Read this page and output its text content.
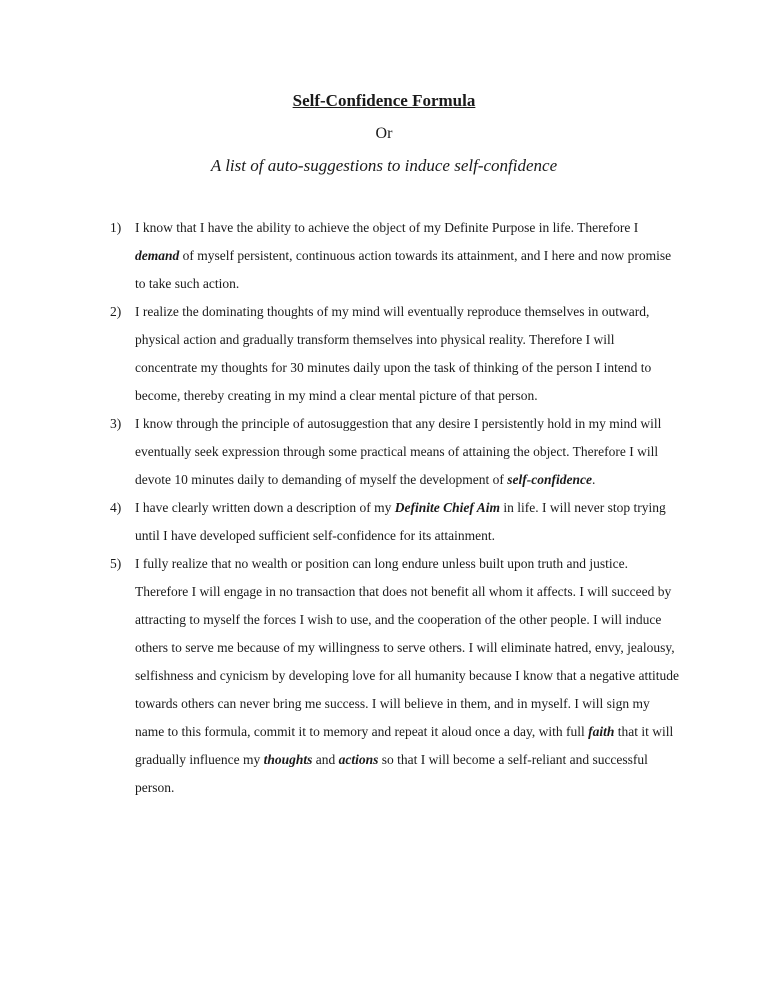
Self-Confidence Formula
Or
A list of auto-suggestions to induce self-confidence
1) I know that I have the ability to achieve the object of my Definite Purpose in life. Therefore I demand of myself persistent, continuous action towards its attainment, and I here and now promise to take such action.
2) I realize the dominating thoughts of my mind will eventually reproduce themselves in outward, physical action and gradually transform themselves into physical reality. Therefore I will concentrate my thoughts for 30 minutes daily upon the task of thinking of the person I intend to become, thereby creating in my mind a clear mental picture of that person.
3) I know through the principle of autosuggestion that any desire I persistently hold in my mind will eventually seek expression through some practical means of attaining the object. Therefore I will devote 10 minutes daily to demanding of myself the development of self-confidence.
4) I have clearly written down a description of my Definite Chief Aim in life. I will never stop trying until I have developed sufficient self-confidence for its attainment.
5) I fully realize that no wealth or position can long endure unless built upon truth and justice. Therefore I will engage in no transaction that does not benefit all whom it affects. I will succeed by attracting to myself the forces I wish to use, and the cooperation of the other people. I will induce others to serve me because of my willingness to serve others. I will eliminate hatred, envy, jealousy, selfishness and cynicism by developing love for all humanity because I know that a negative attitude towards others can never bring me success. I will believe in them, and in myself. I will sign my name to this formula, commit it to memory and repeat it aloud once a day, with full faith that it will gradually influence my thoughts and actions so that I will become a self-reliant and successful person.
